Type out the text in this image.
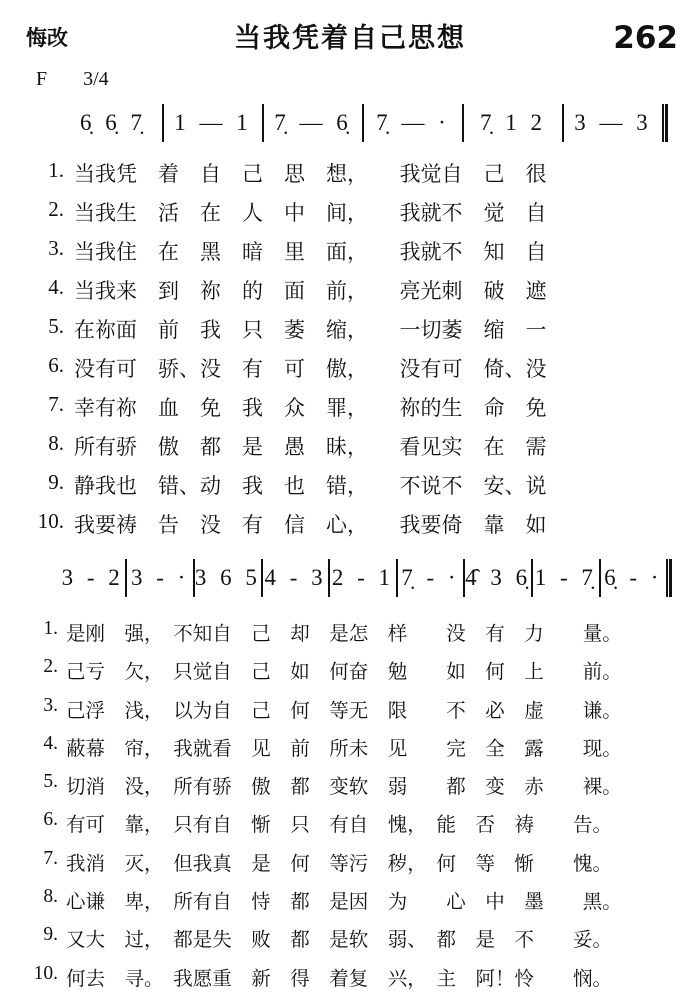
悔改	当我凭着自己思想	262
F 3/4
6̣ 6̣ 7̣	1 — 1 7̣ — 6̣	7̣ — ·	7̣ 1 2	3 — 3
1. 当我凭　着　自　己　思　想，　　我觉自　己　很
2. 当我生　活　在　人　中　间，　　我就不　觉　自
3. 当我住　在　黑　暗　里　面，　　我就不　知　自
4. 当我来　到　祢　的　面　前，　　亮光刺　破　遮
5. 在祢面　前　我　只　萎　缩，　　一切萎　缩　一
6. 没有可　骄、没　有　可　傲，　　没有可　倚、没
7. 幸有祢　血　免　我　众　罪，　　祢的生　命　免
8. 所有骄　傲　都　是　愚　昧，　　看见实　在　需
9. 静我也　错、动　我　也　错，　　不说不　安、说
10. 我要祷　告　没　有　信　心，　　我要倚　靠　如
3 - 2 3 - · 3 6 5 4 - 3 2 - 1 7̣ - · 4̑ 3 6̣ 1 - 7̣ 6̣ - ·
1. 是刚　强，　不知自　己　却　是怎　样　　没　有　力　　量。
2. 己亏　欠，　只觉自　己　如　何奋　勉　　如　何　上　　前。
3. 己浮　浅，　以为自　己　何　等无　限　　不　必　虚　　谦。
4. 蔽幕　帘，　我就看　见　前　所未　见　　完　全　露　　现。
5. 切消　没，　所有骄　傲　都　变软　弱　　都　变　赤　　裸。
6. 有可　靠，　只有自　惭　只　有自　愧，　能　否　祷　　告。
7. 我消　灭，　但我真　是　何　等污　秽，　何　等　惭　　愧。
8. 心谦　卑，　所有自　恃　都　是因　为　　心　中　墨　　黑。
9. 又大　过，　都是失　败　都　是软　弱、　都　是　不　　妥。
10. 何去　寻。　我愿重　新　得　着复　兴，　主　阿！怜　　悯。
